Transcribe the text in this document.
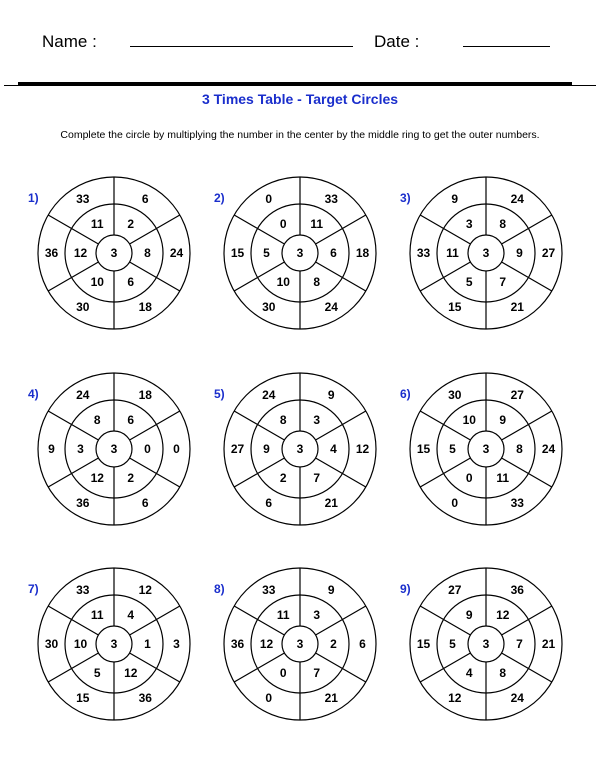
Name :	Date :
3 Times Table - Target Circles
Complete the circle by multiplying the number in the center by the middle ring to get the outer numbers.
1)
3
2
8
6
10
12
11
6
24
18
30
36
33	2)
3
11
6
8
10
5
0
33
18
24
30
15
0	3)
3
8
9
7
5
11
3
24
27
21
15
33
9
4)
3
6
0
2
12
3
8
18
0
6
36
9
24	5)
3
3
4
7
2
9
8
9
12
21
6
27
24	6)
3
9
8
11
0
5
10
27
24
33
0
15
30
7)
3
4
1
12
5
10
11
12
3
36
15
30
33	8)
3
3
2
7
0
12
11
9
6
21
0
36
33	9)
3
12
7
8
4
5
9
36
21
24
12
15
27
